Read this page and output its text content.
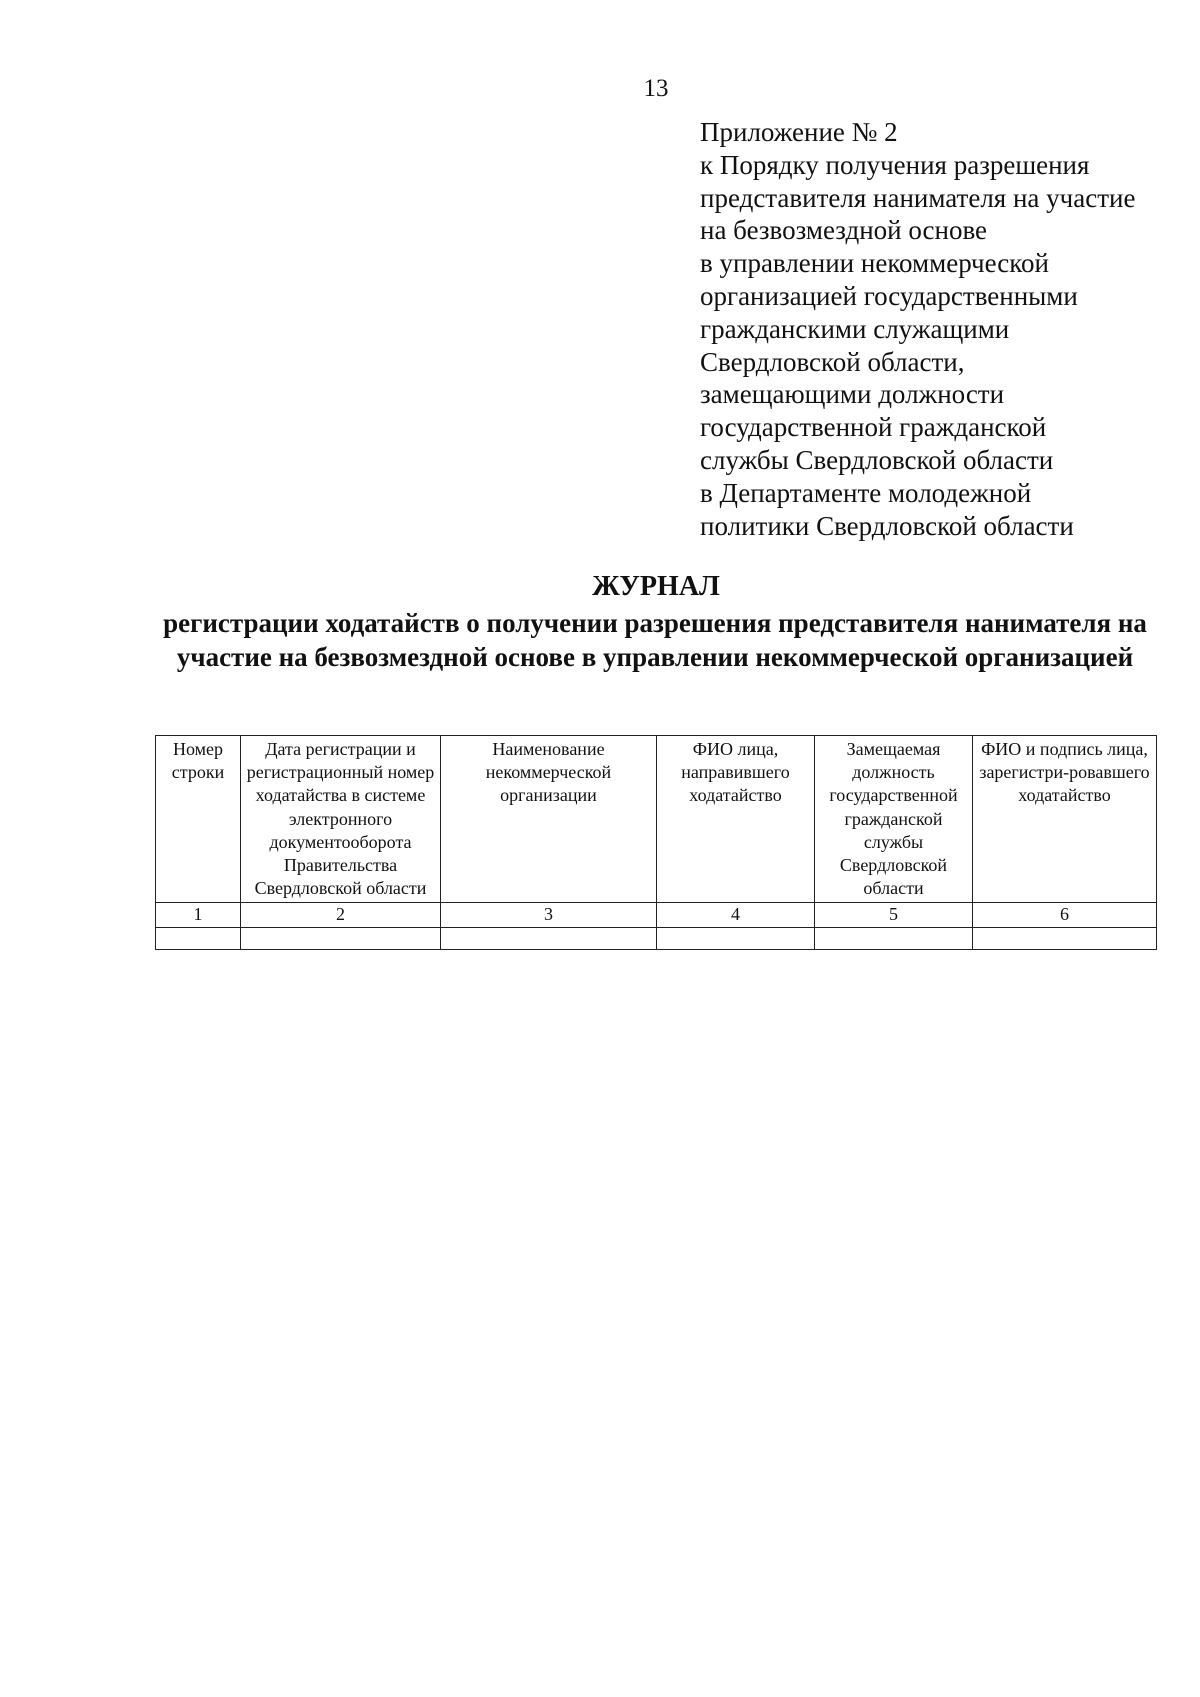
13
Приложение № 2
к Порядку получения разрешения
представителя нанимателя на участие
на безвозмездной основе
в управлении некоммерческой
организацией государственными
гражданскими служащими
Свердловской области,
замещающими должности
государственной гражданской
службы Свердловской области
в Департаменте молодежной
политики Свердловской области
ЖУРНАЛ
регистрации ходатайств о получении разрешения представителя нанимателя на участие на безвозмездной основе в управлении некоммерческой организацией
Номер строки	Дата регистрации и регистрационный номер ходатайства в системе электронного документооборота Правительства Свердловской области	Наименование некоммерческой организации	ФИО лица, направившего ходатайство	Замещаемая должность государственной гражданской службы Свердловской области	ФИО и подпись лица, зарегистри-ровавшего ходатайство
1	2	3	4	5	6
